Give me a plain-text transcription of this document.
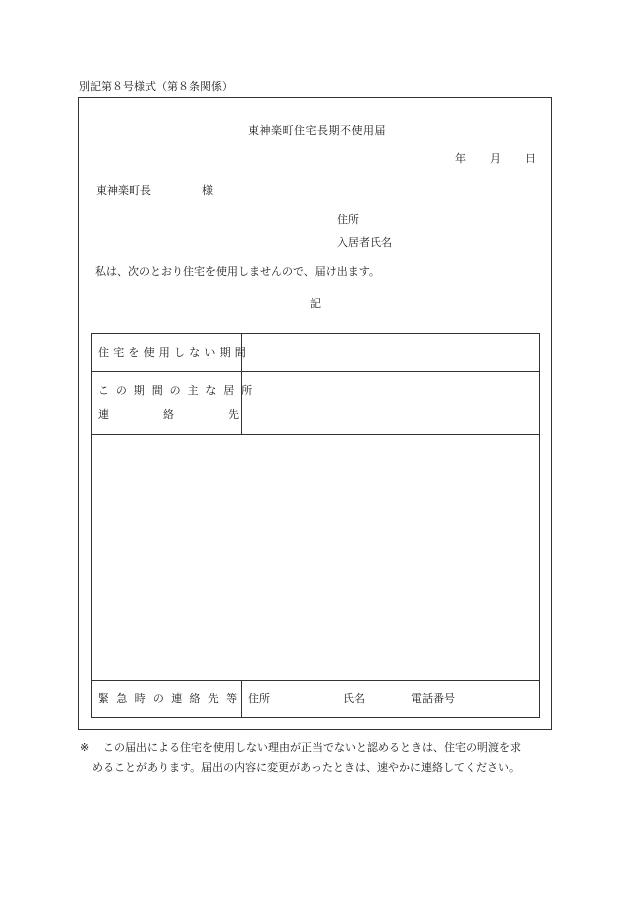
別記第８号様式（第８条関係）
東神楽町住宅長期不使用届
年 月 日
東神楽町長	様
住所
入居者氏名
私は、次のとおり住宅を使用しませんので、届け出ます。
記
住宅を使用しない期間
この期間の主な居所
連	絡	先
緊急時の連絡先等 住所	氏名	電話番号
※ この届出による住宅を使用しない理由が正当でないと認めるときは、住宅の明渡を求
めることがあります。届出の内容に変更があったときは、速やかに連絡してください。
